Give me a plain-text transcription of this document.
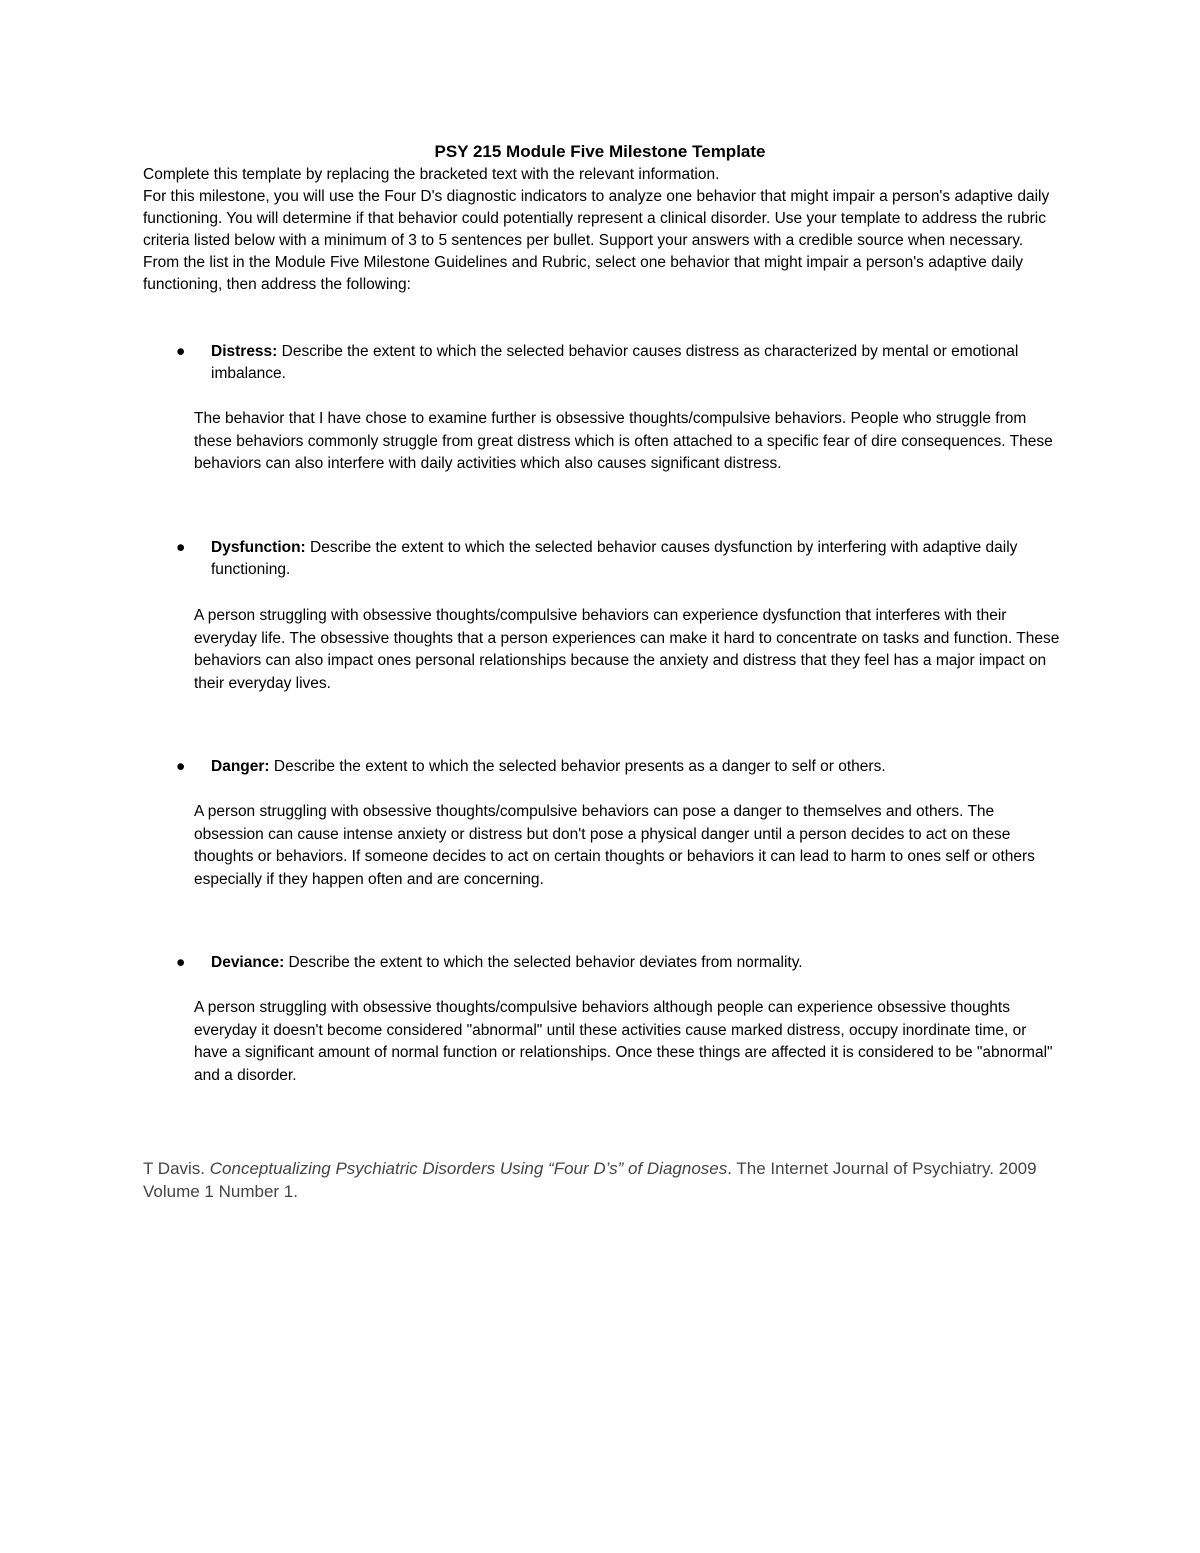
PSY 215 Module Five Milestone Template

Complete this template by replacing the bracketed text with the relevant information.

For this milestone, you will use the Four D's diagnostic indicators to analyze one behavior that might impair a person's adaptive daily functioning. You will determine if that behavior could potentially represent a clinical disorder. Use your template to address the rubric criteria listed below with a minimum of 3 to 5 sentences per bullet. Support your answers with a credible source when necessary.

From the list in the Module Five Milestone Guidelines and Rubric, select one behavior that might impair a person's adaptive daily functioning, then address the following:

● Distress: Describe the extent to which the selected behavior causes distress as characterized by mental or emotional imbalance.

The behavior that I have chose to examine further is obsessive thoughts/compulsive behaviors. People who struggle from these behaviors commonly struggle from great distress which is often attached to a specific fear of dire consequences. These behaviors can also interfere with daily activities which also causes significant distress.

● Dysfunction: Describe the extent to which the selected behavior causes dysfunction by interfering with adaptive daily functioning.

A person struggling with obsessive thoughts/compulsive behaviors can experience dysfunction that interferes with their everyday life. The obsessive thoughts that a person experiences can make it hard to concentrate on tasks and function. These behaviors can also impact ones personal relationships because the anxiety and distress that they feel has a major impact on their everyday lives.

● Danger: Describe the extent to which the selected behavior presents as a danger to self or others.

A person struggling with obsessive thoughts/compulsive behaviors can pose a danger to themselves and others. The obsession can cause intense anxiety or distress but don't pose a physical danger until a person decides to act on these thoughts or behaviors. If someone decides to act on certain thoughts or behaviors it can lead to harm to ones self or others especially if they happen often and are concerning.

● Deviance: Describe the extent to which the selected behavior deviates from normality.

A person struggling with obsessive thoughts/compulsive behaviors although people can experience obsessive thoughts everyday it doesn't become considered "abnormal" until these activities cause marked distress, occupy inordinate time, or have a significant amount of normal function or relationships. Once these things are affected it is considered to be "abnormal" and a disorder.

T Davis. Conceptualizing Psychiatric Disorders Using “Four D’s” of Diagnoses. The Internet Journal of Psychiatry. 2009 Volume 1 Number 1.
